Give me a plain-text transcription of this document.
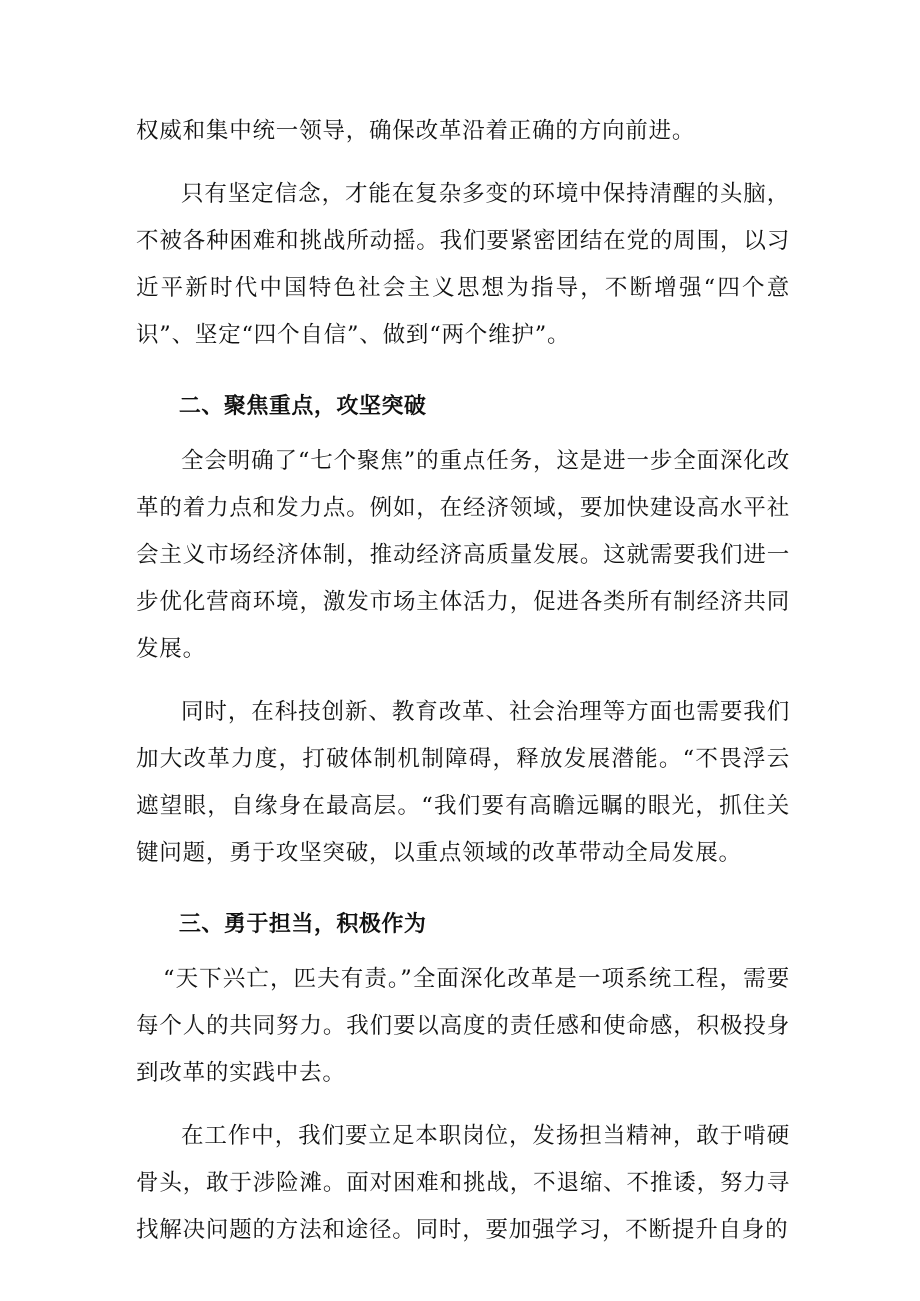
权威和集中统一领导，确保改革沿着正确的方向前进。

只有坚定信念，才能在复杂多变的环境中保持清醒的头脑，不被各种困难和挑战所动摇。我们要紧密团结在党的周围，以习近平新时代中国特色社会主义思想为指导，不断增强“四个意识”、坚定“四个自信”、做到“两个维护”。

二、聚焦重点，攻坚突破

全会明确了“七个聚焦”的重点任务，这是进一步全面深化改革的着力点和发力点。例如，在经济领域，要加快建设高水平社会主义市场经济体制，推动经济高质量发展。这就需要我们进一步优化营商环境，激发市场主体活力，促进各类所有制经济共同发展。

同时，在科技创新、教育改革、社会治理等方面也需要我们加大改革力度，打破体制机制障碍，释放发展潜能。“不畏浮云遮望眼，自缘身在最高层。“我们要有高瞻远瞩的眼光，抓住关键问题，勇于攻坚突破，以重点领域的改革带动全局发展。

三、勇于担当，积极作为

“天下兴亡，匹夫有责。”全面深化改革是一项系统工程，需要每个人的共同努力。我们要以高度的责任感和使命感，积极投身到改革的实践中去。

在工作中，我们要立足本职岗位，发扬担当精神，敢于啃硬骨头，敢于涉险滩。面对困难和挑战，不退缩、不推诿，努力寻找解决问题的方法和途径。同时，要加强学习，不断提升自身的
